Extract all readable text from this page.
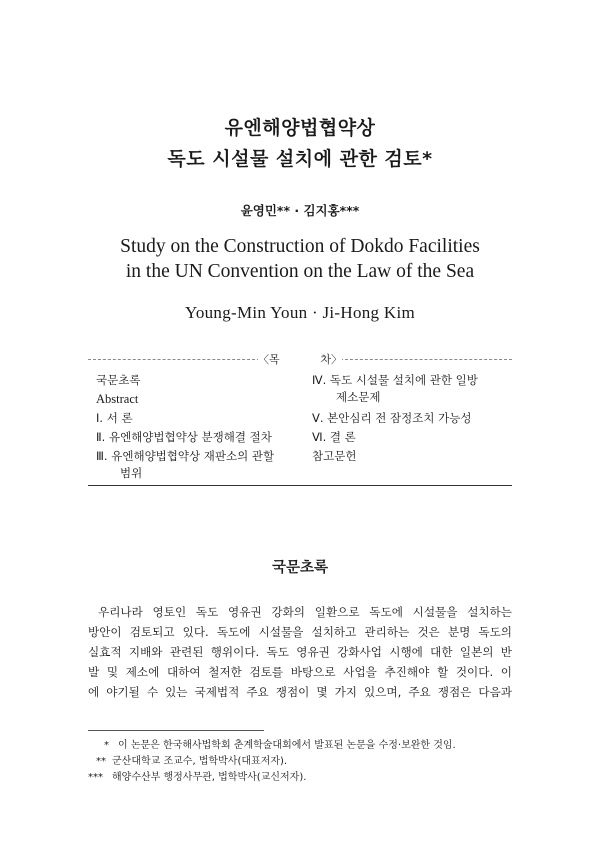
유엔해양법협약상
독도 시설물 설치에 관한 검토*
윤영민** · 김지홍***
Study on the Construction of Dokdo Facilities
in the UN Convention on the Law of the Sea
Young-Min Youn · Ji-Hong Kim
〈목	차〉
국문초록
Abstract
Ⅰ. 서 론
Ⅱ. 유엔해양법협약상 분쟁해결 절차
Ⅲ. 유엔해양법협약상 재판소의 관할
범위
Ⅳ. 독도 시설물 설치에 관한 일방
제소문제
Ⅴ. 본안심리 전 잠정조치 가능성
Ⅵ. 결 론
참고문헌
국문초록
우리나라 영토인 독도 영유권 강화의 일환으로 독도에 시설물을 설치하는
방안이 검토되고 있다. 독도에 시설물을 설치하고 관리하는 것은 분명 독도의
실효적 지배와 관련된 행위이다. 독도 영유권 강화사업 시행에 대한 일본의 반
발 및 제소에 대하여 철저한 검토를 바탕으로 사업을 추진해야 할 것이다. 이
에 야기될 수 있는 국제법적 주요 쟁점이 몇 가지 있으며, 주요 쟁점은 다음과
* 이 논문은 한국해사법학회 춘계학술대회에서 발표된 논문을 수정·보완한 것임.
** 군산대학교 조교수, 법학박사(대표저자).
*** 해양수산부 행정사무관, 법학박사(교신저자).
